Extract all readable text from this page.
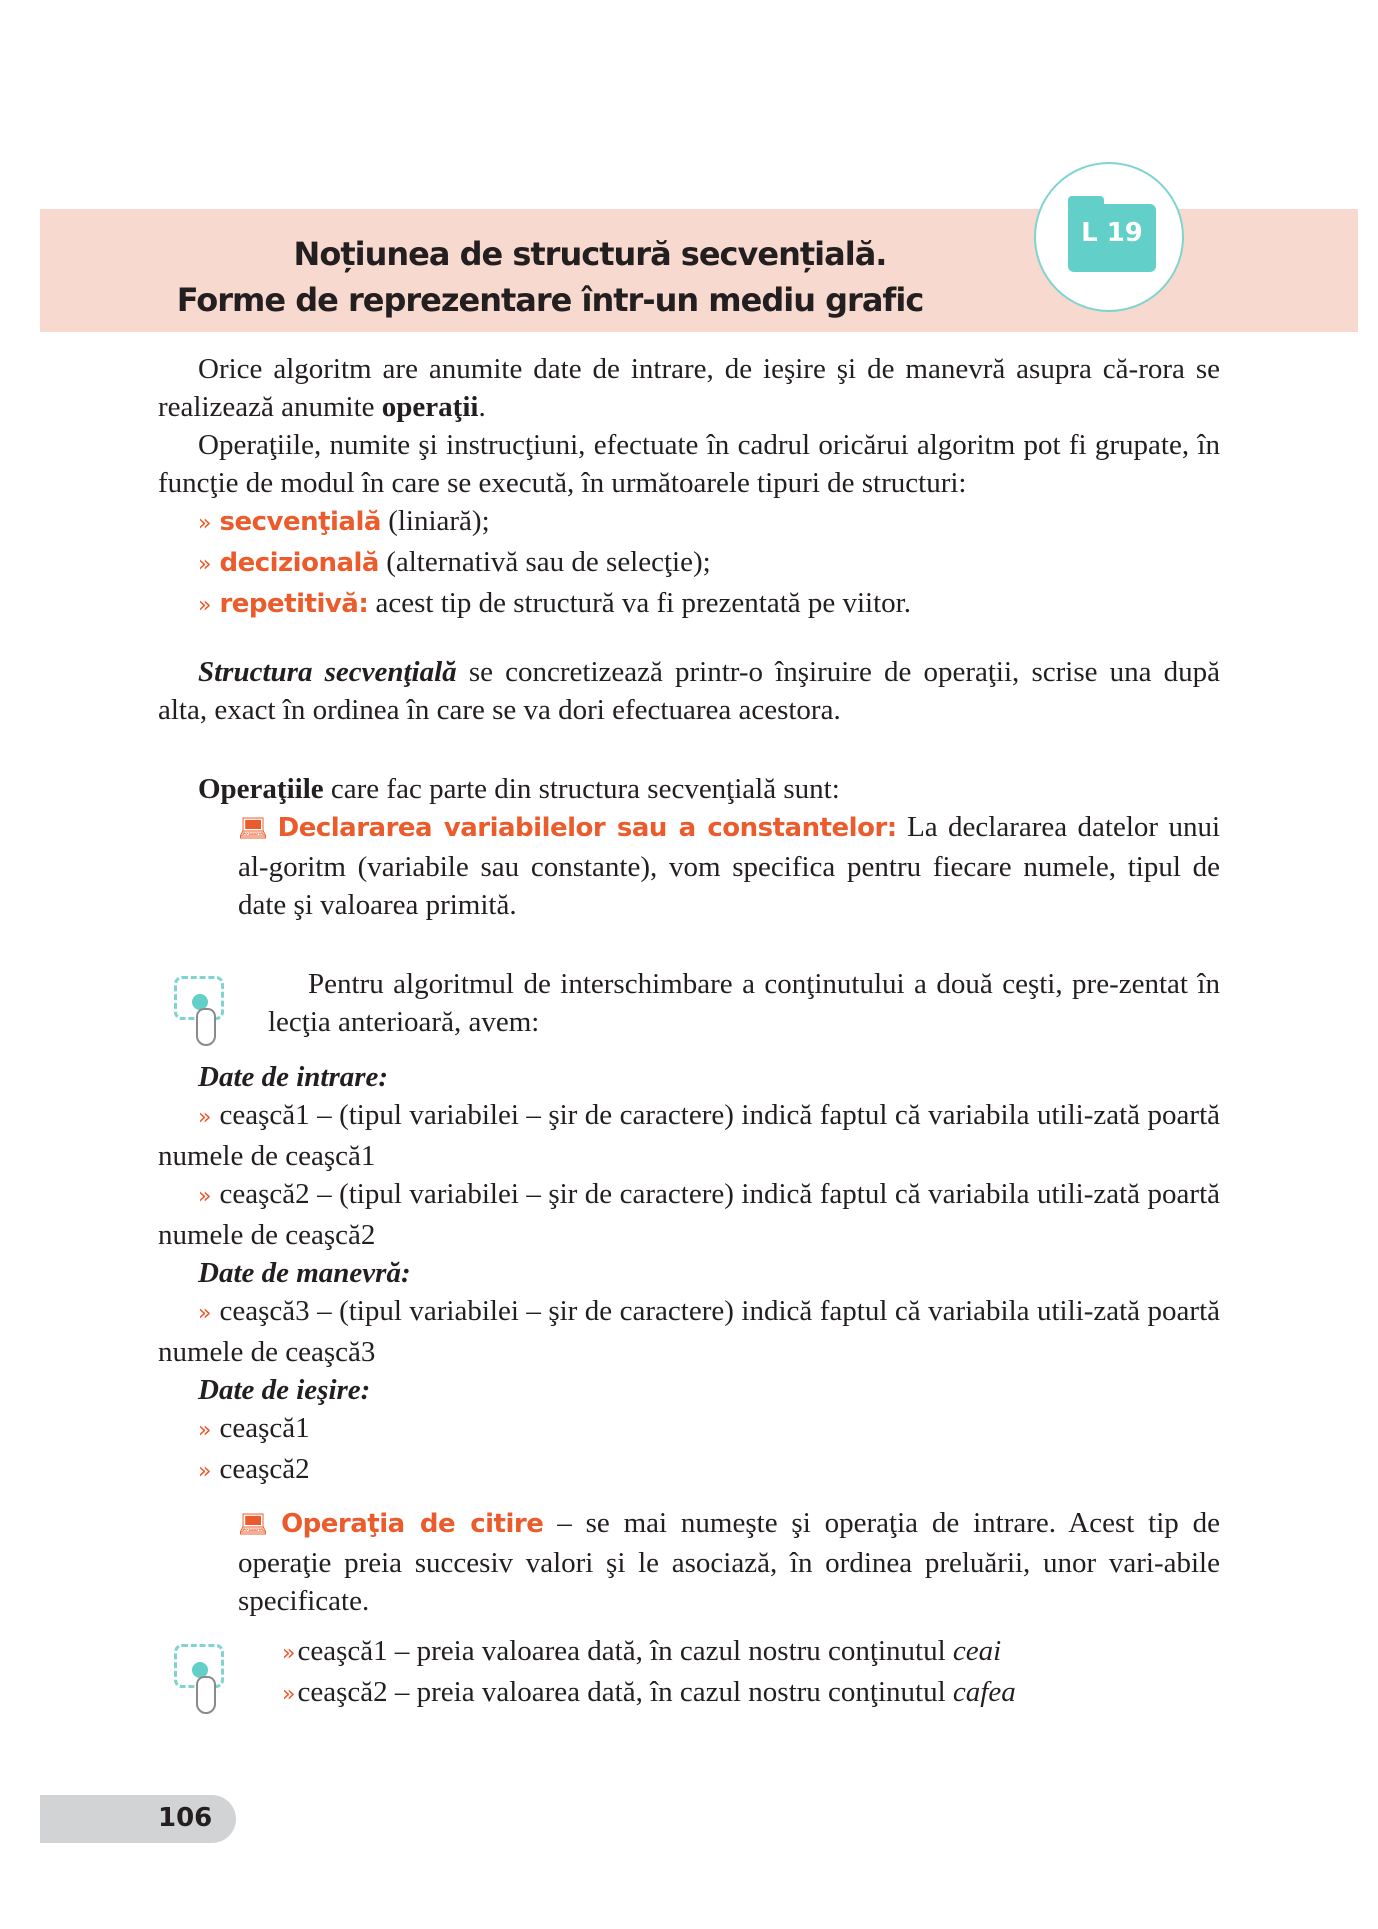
Noțiunea de structură secvențială.
Forme de reprezentare într-un mediu grafic
L 19

Orice algoritm are anumite date de intrare, de ieşire şi de manevră asupra că-rora se realizează anumite operaţii.

Operaţiile, numite şi instrucţiuni, efectuate în cadrul oricărui algoritm pot fi grupate, în funcţie de modul în care se execută, în următoarele tipuri de structuri:

» secvenţială (liniară);
» decizională (alternativă sau de selecţie);
» repetitivă: acest tip de structură va fi prezentată pe viitor.

Structura secvenţială se concretizează printr-o înşiruire de operaţii, scrise una după alta, exact în ordinea în care se va dori efectuarea acestora.

Operaţiile care fac parte din structura secvenţială sunt:

💻︎ Declararea variabilelor sau a constantelor: La declararea datelor unui al-goritm (variabile sau constante), vom specifica pentru fiecare numele, tipul de date şi valoarea primită.

Pentru algoritmul de interschimbare a conţinutului a două ceşti, pre-zentat în lecţia anterioară, avem:

Date de intrare:

» ceaşcă1 – (tipul variabilei – şir de caractere) indică faptul că variabila utili-zată poartă numele de ceaşcă1

» ceaşcă2 – (tipul variabilei – şir de caractere) indică faptul că variabila utili-zată poartă numele de ceaşcă2

Date de manevră:

» ceaşcă3 – (tipul variabilei – şir de caractere) indică faptul că variabila utili-zată poartă numele de ceaşcă3

Date de ieşire:

» ceaşcă1

» ceaşcă2

💻︎ Operaţia de citire – se mai numeşte şi operaţia de intrare. Acest tip de operaţie preia succesiv valori şi le asociază, în ordinea preluării, unor vari-abile specificate.

»ceaşcă1 – preia valoarea dată, în cazul nostru conţinutul ceai

»ceaşcă2 – preia valoarea dată, în cazul nostru conţinutul cafea

106
